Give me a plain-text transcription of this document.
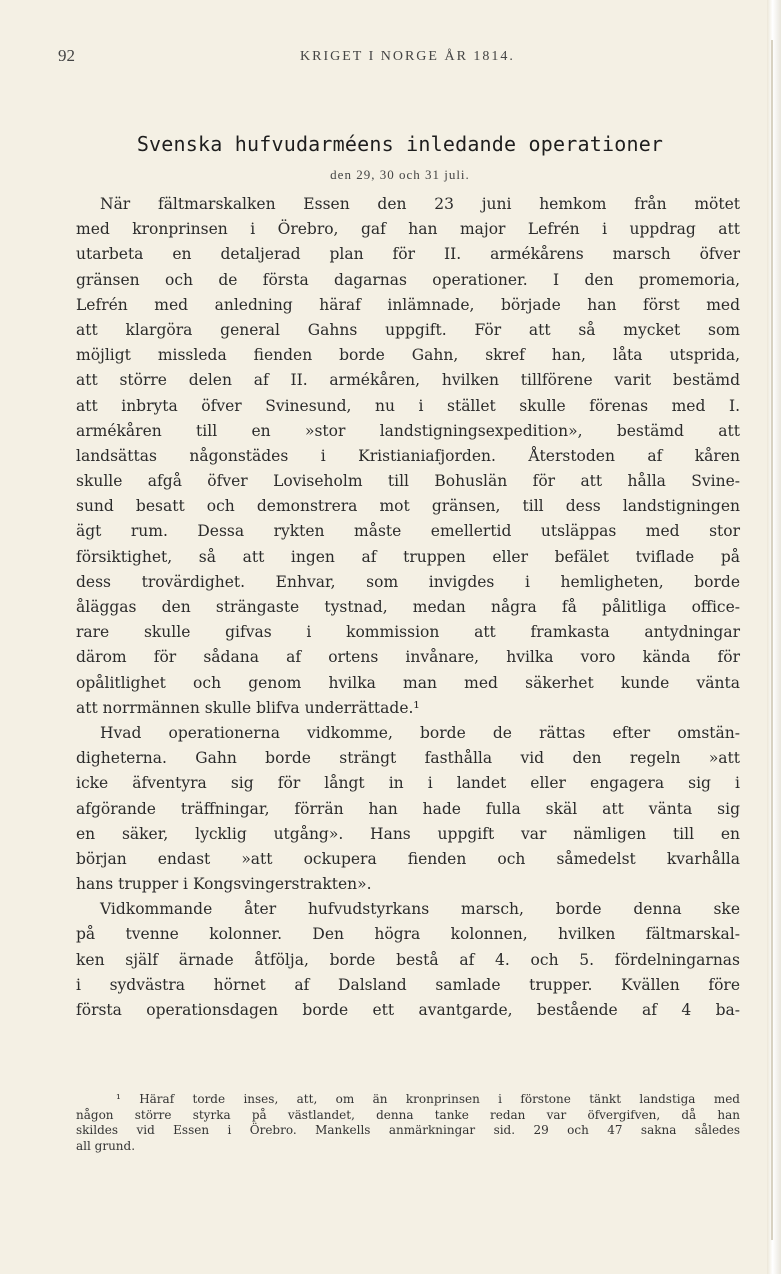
92	KRIGET I NORGE ÅR 1814.
Svenska hufvudarméens inledande operationer
den 29, 30 och 31 juli.
När fältmarskalken Essen den 23 juni hemkom från mötet
med kronprinsen i Örebro, gaf han major Lefrén i uppdrag att
utarbeta en detaljerad plan för II. armékårens marsch öfver
gränsen och de första dagarnas operationer. I den promemoria,
Lefrén med anledning häraf inlämnade, började han först med
att klargöra general Gahns uppgift. För att så mycket som
möjligt missleda fienden borde Gahn, skref han, låta utsprida,
att större delen af II. armékåren, hvilken tillförene varit bestämd
att inbryta öfver Svinesund, nu i stället skulle förenas med I.
armékåren till en »stor landstigningsexpedition», bestämd att
landsättas någonstädes i Kristianiafjorden. Återstoden af kåren
skulle afgå öfver Loviseholm till Bohuslän för att hålla Svine-
sund besatt och demonstrera mot gränsen, till dess landstigningen
ägt rum. Dessa rykten måste emellertid utsläppas med stor
försiktighet, så att ingen af truppen eller befälet tviflade på
dess trovärdighet. Enhvar, som invigdes i hemligheten, borde
åläggas den strängaste tystnad, medan några få pålitliga office-
rare skulle gifvas i kommission att framkasta antydningar
därom för sådana af ortens invånare, hvilka voro kända för
opålitlighet och genom hvilka man med säkerhet kunde vänta
att norrmännen skulle blifva underrättade.¹
Hvad operationerna vidkomme, borde de rättas efter omstän-
digheterna. Gahn borde strängt fasthålla vid den regeln »att
icke äfventyra sig för långt in i landet eller engagera sig i
afgörande träffningar, förrän han hade fulla skäl att vänta sig
en säker, lycklig utgång». Hans uppgift var nämligen till en
början endast »att ockupera fienden och såmedelst kvarhålla
hans trupper i Kongsvingerstrakten».
Vidkommande åter hufvudstyrkans marsch, borde denna ske
på tvenne kolonner. Den högra kolonnen, hvilken fältmarskal-
ken själf ärnade åtfölja, borde bestå af 4. och 5. fördelningarnas
i sydvästra hörnet af Dalsland samlade trupper. Kvällen före
första operationsdagen borde ett avantgarde, bestående af 4 ba-
¹ Häraf torde inses, att, om än kronprinsen i förstone tänkt landstiga med
någon större styrka på västlandet, denna tanke redan var öfvergifven, då han
skildes vid Essen i Örebro. Mankells anmärkningar sid. 29 och 47 sakna således
all grund.
